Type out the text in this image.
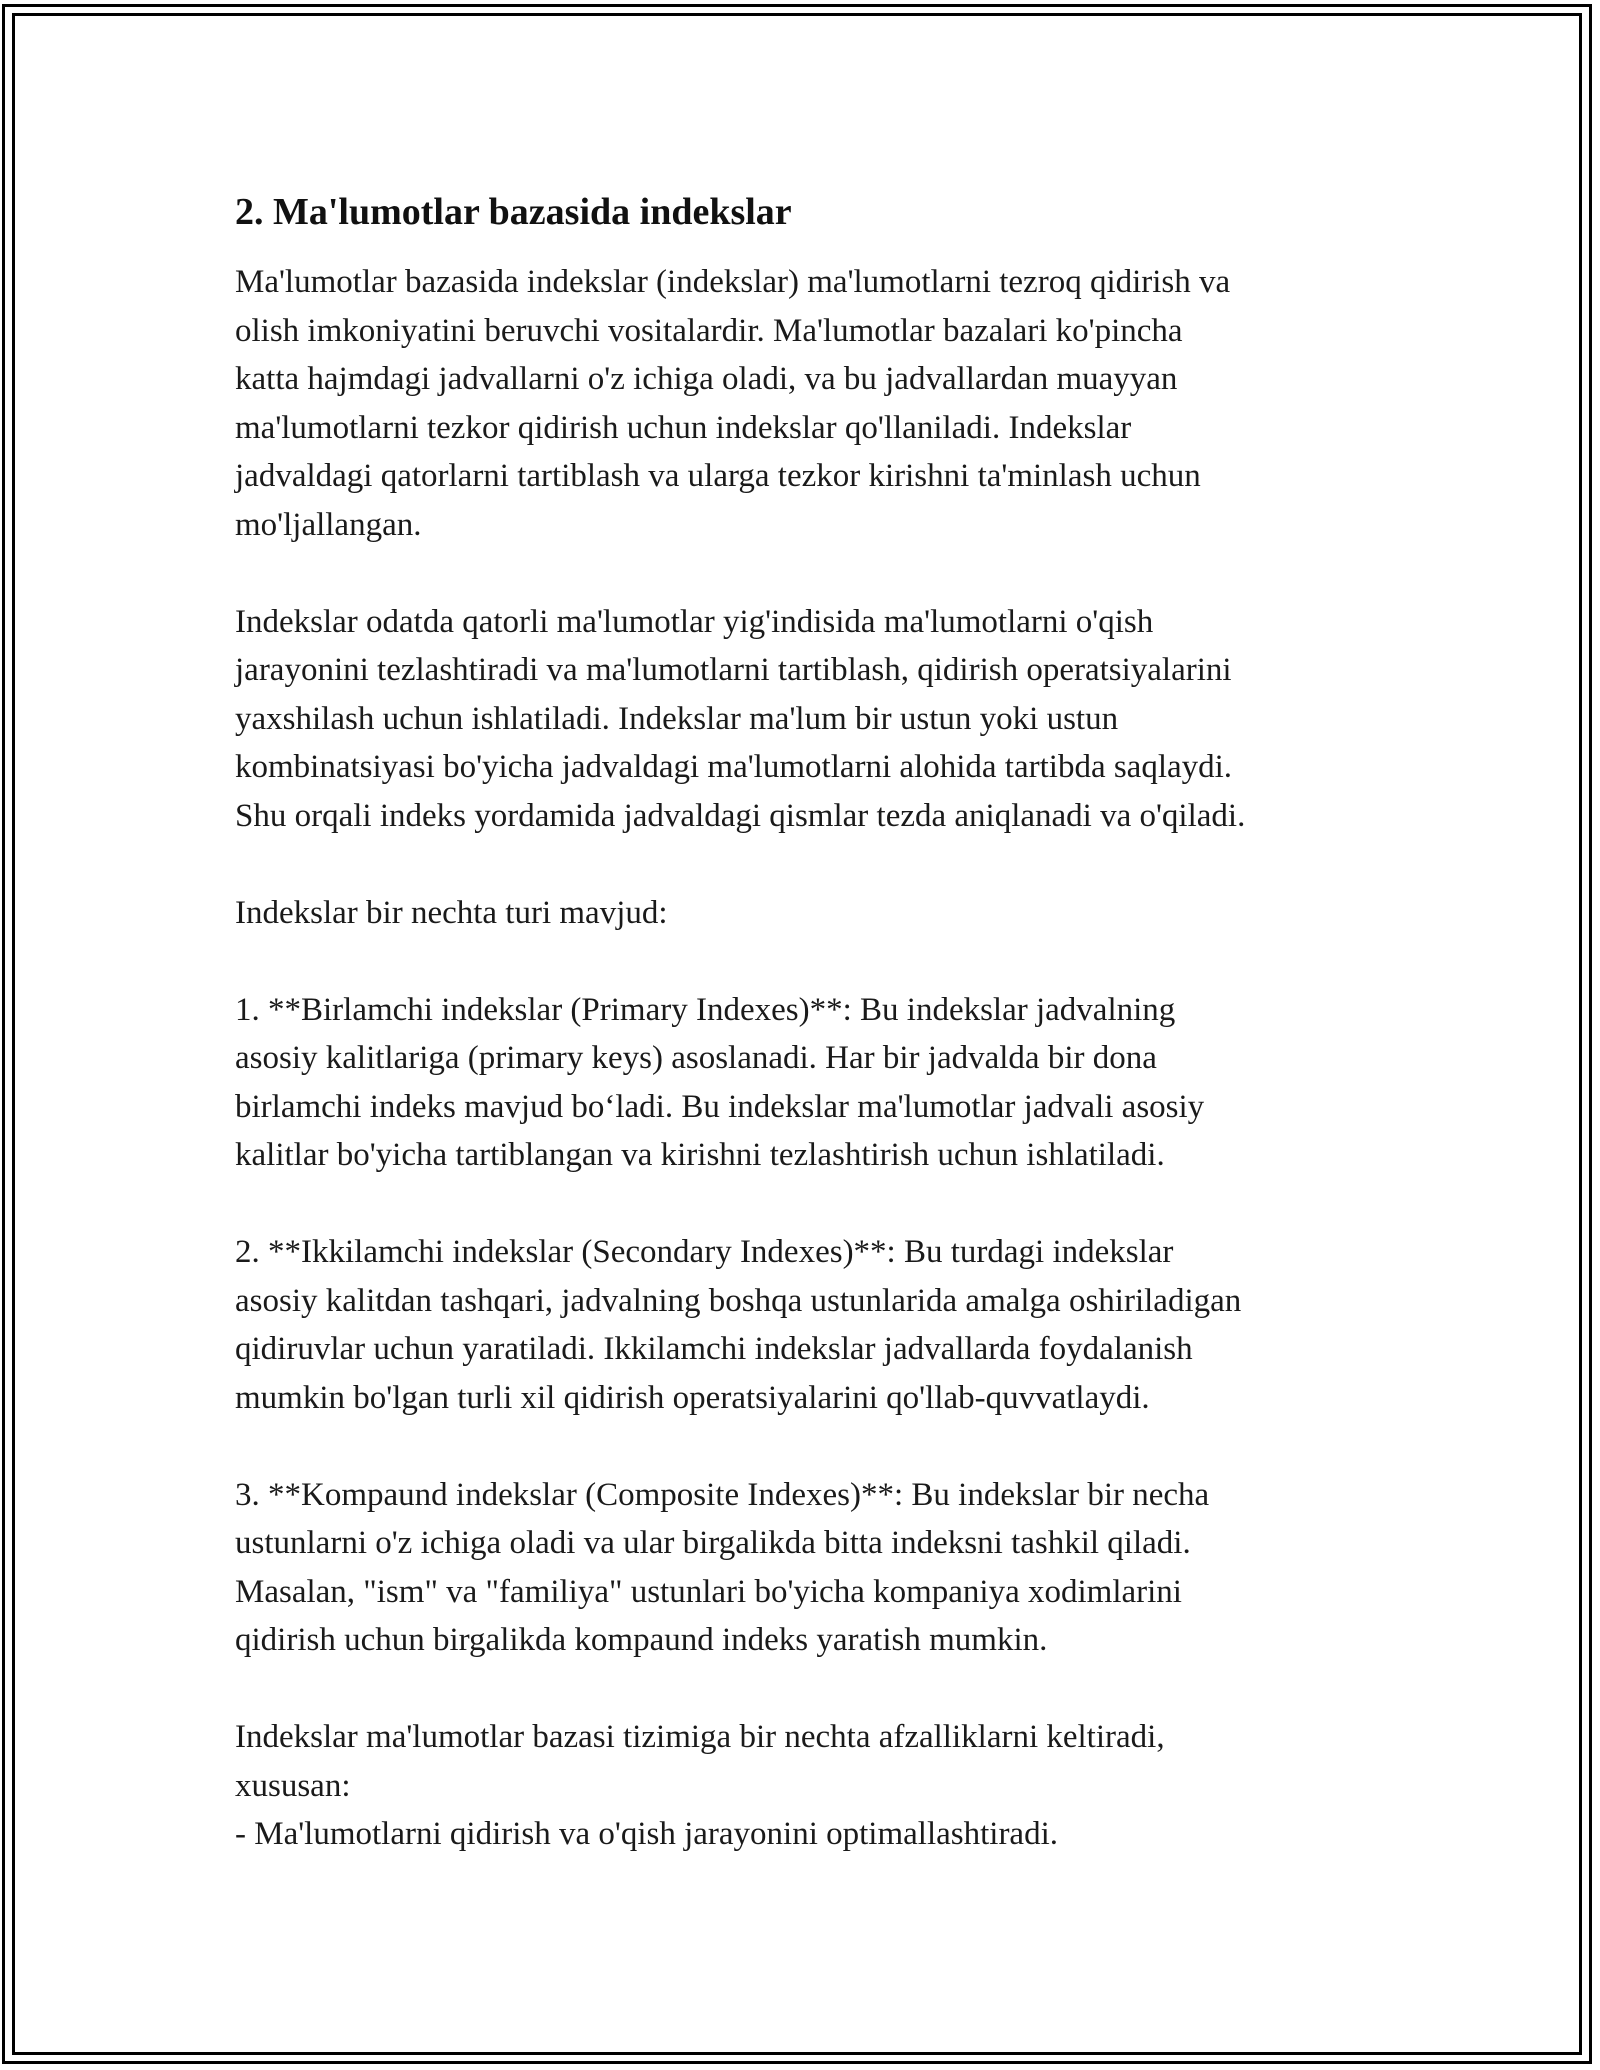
2. Ma'lumotlar bazasida indekslar
Ma'lumotlar bazasida indekslar (indekslar) ma'lumotlarni tezroq qidirish va
olish imkoniyatini beruvchi vositalardir. Ma'lumotlar bazalari ko'pincha
katta hajmdagi jadvallarni o'z ichiga oladi, va bu jadvallardan muayyan
ma'lumotlarni tezkor qidirish uchun indekslar qo'llaniladi. Indekslar
jadvaldagi qatorlarni tartiblash va ularga tezkor kirishni ta'minlash uchun
mo'ljallangan.
Indekslar odatda qatorli ma'lumotlar yig'indisida ma'lumotlarni o'qish
jarayonini tezlashtiradi va ma'lumotlarni tartiblash, qidirish operatsiyalarini
yaxshilash uchun ishlatiladi. Indekslar ma'lum bir ustun yoki ustun
kombinatsiyasi bo'yicha jadvaldagi ma'lumotlarni alohida tartibda saqlaydi.
Shu orqali indeks yordamida jadvaldagi qismlar tezda aniqlanadi va o'qiladi.
Indekslar bir nechta turi mavjud:
1. **Birlamchi indekslar (Primary Indexes)**: Bu indekslar jadvalning
asosiy kalitlariga (primary keys) asoslanadi. Har bir jadvalda bir dona
birlamchi indeks mavjud bo‘ladi. Bu indekslar ma'lumotlar jadvali asosiy
kalitlar bo'yicha tartiblangan va kirishni tezlashtirish uchun ishlatiladi.
2. **Ikkilamchi indekslar (Secondary Indexes)**: Bu turdagi indekslar
asosiy kalitdan tashqari, jadvalning boshqa ustunlarida amalga oshiriladigan
qidiruvlar uchun yaratiladi. Ikkilamchi indekslar jadvallarda foydalanish
mumkin bo'lgan turli xil qidirish operatsiyalarini qo'llab-quvvatlaydi.
3. **Kompaund indekslar (Composite Indexes)**: Bu indekslar bir necha
ustunlarni o'z ichiga oladi va ular birgalikda bitta indeksni tashkil qiladi.
Masalan, "ism" va "familiya" ustunlari bo'yicha kompaniya xodimlarini
qidirish uchun birgalikda kompaund indeks yaratish mumkin.
Indekslar ma'lumotlar bazasi tizimiga bir nechta afzalliklarni keltiradi,
xususan:
- Ma'lumotlarni qidirish va o'qish jarayonini optimallashtiradi.
